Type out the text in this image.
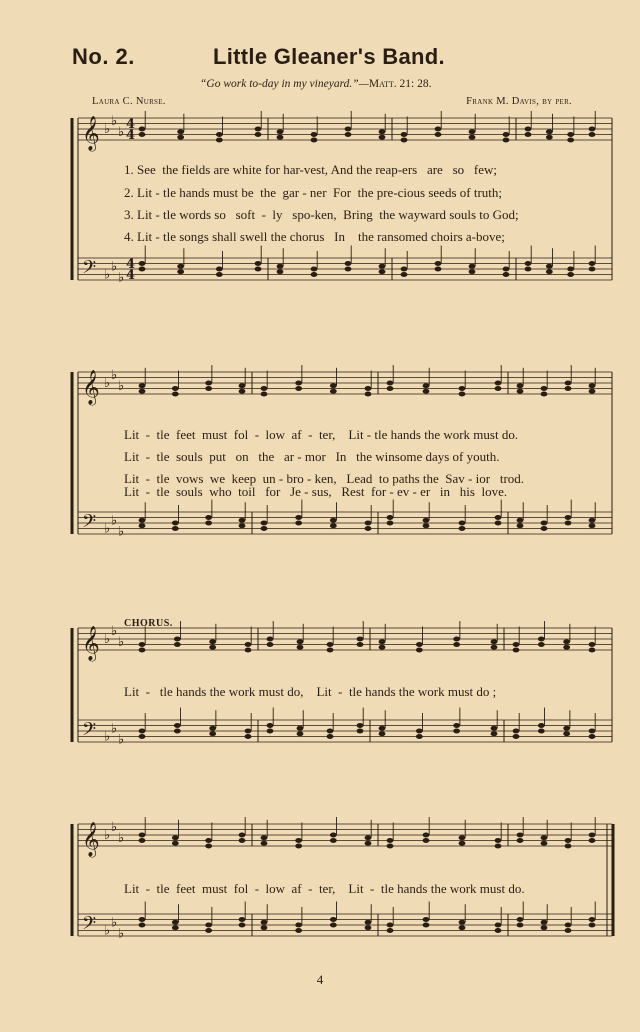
No. 2.	Little Gleaner's Band.
“Go work to-day in my vineyard.”—Matt. 21: 28.
Laura C. Nurse.	Frank M. Davis, by per.
𝄞 ♭
♭
♭
𝄢 ♭
♭
♭
4
4
4
4
𝄞 ♭
♭
♭
𝄢 ♭
♭
♭
𝄞 ♭
♭
♭
𝄢 ♭
♭
♭
𝄞 ♭
♭
♭
𝄢 ♭
♭
♭
1. See  the fields are white for har-vest, And the reap-ers   are   so   few;
2. Lit - tle hands must be  the  gar - ner  For  the pre-cious seeds of truth;
3. Lit - tle words so   soft  -  ly   spo-ken,  Bring  the wayward souls to God;
4. Lit - tle songs shall swell the chorus   In    the ransomed choirs a-bove;
Lit  -  tle  feet  must  fol  -  low  af  -  ter,    Lit - tle hands the work must do.
Lit  -  tle  souls  put   on   the   ar - mor   In   the winsome days of youth.
Lit  -  tle  vows  we  keep  un - bro - ken,   Lead  to paths the  Sav - ior   trod.
Lit  -  tle  souls  who  toil   for   Je - sus,   Rest  for - ev - er   in   his  love.
CHORUS.
Lit  -   tle hands the work must do,    Lit  -  tle hands the work must do ;
Lit  -  tle  feet  must  fol  -  low  af  -  ter,    Lit  -  tle hands the work must do.
4
